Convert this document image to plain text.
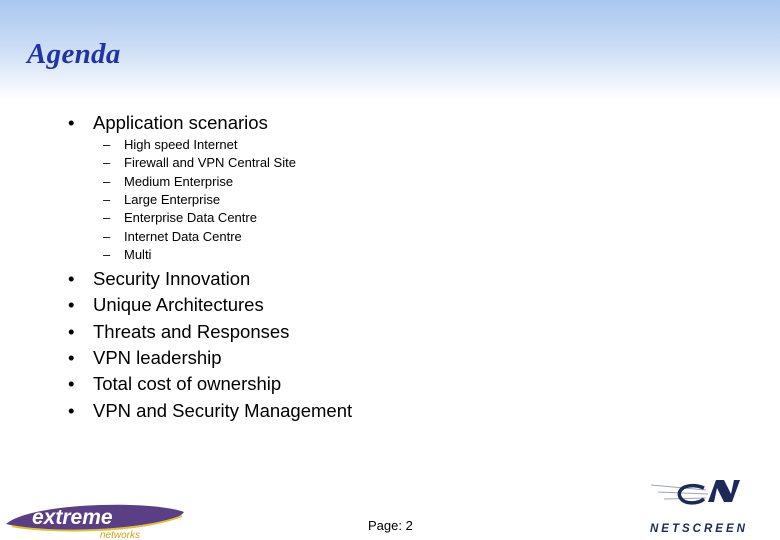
Agenda
• Application scenarios
– High speed Internet
– Firewall and VPN Central Site
– Medium Enterprise
– Large Enterprise
– Enterprise Data Centre
– Internet Data Centre
– Multi
• Security Innovation
• Unique Architectures
• Threats and Responses
• VPN leadership
• Total cost of ownership
• VPN and Security Management
extreme
networks
Page: 2	NETSCREEN
